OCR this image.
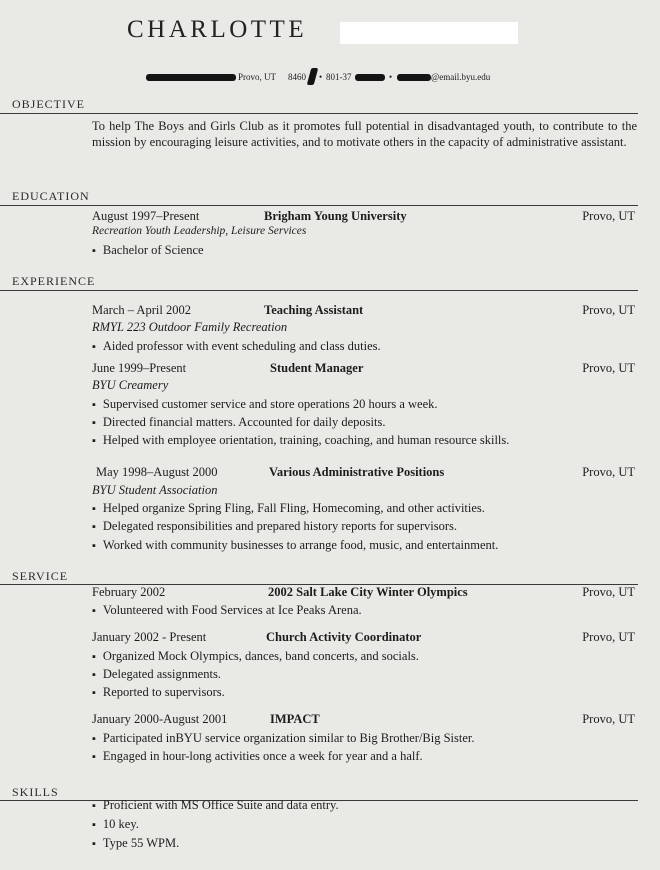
CHARLOTTE
Provo, UT 8460 • 801-37	•	@email.byu.edu
OBJECTIVE
To help The Boys and Girls Club as it promotes full potential in disadvantaged youth, to contribute to the mission by encouraging leisure activities, and to motivate others in the capacity of administrative assistant.
EDUCATION
August 1997–Present	Brigham Young University	Provo, UT
Recreation Youth Leadership, Leisure Services
▪ Bachelor of Science
EXPERIENCE
March – April 2002	Teaching Assistant	Provo, UT
RMYL 223 Outdoor Family Recreation
▪ Aided professor with event scheduling and class duties.
June 1999–Present	Student Manager	Provo, UT
BYU Creamery
▪ Supervised customer service and store operations 20 hours a week.
▪ Directed financial matters. Accounted for daily deposits.
▪ Helped with employee orientation, training, coaching, and human resource skills.
May 1998–August 2000	Various Administrative Positions	Provo, UT
BYU Student Association
▪ Helped organize Spring Fling, Fall Fling, Homecoming, and other activities.
▪ Delegated responsibilities and prepared history reports for supervisors.
▪ Worked with community businesses to arrange food, music, and entertainment.
SERVICE
February 2002	2002 Salt Lake City Winter Olympics	Provo, UT
▪ Volunteered with Food Services at Ice Peaks Arena.
January 2002 - Present	Church Activity Coordinator	Provo, UT
▪ Organized Mock Olympics, dances, band concerts, and socials.
▪ Delegated assignments.
▪ Reported to supervisors.
January 2000-August 2001	IMPACT	Provo, UT
▪ Participated inBYU service organization similar to Big Brother/Big Sister.
▪ Engaged in hour-long activities once a week for year and a half.
SKILLS
▪ Proficient with MS Office Suite and data entry.
▪ 10 key.
▪ Type 55 WPM.
